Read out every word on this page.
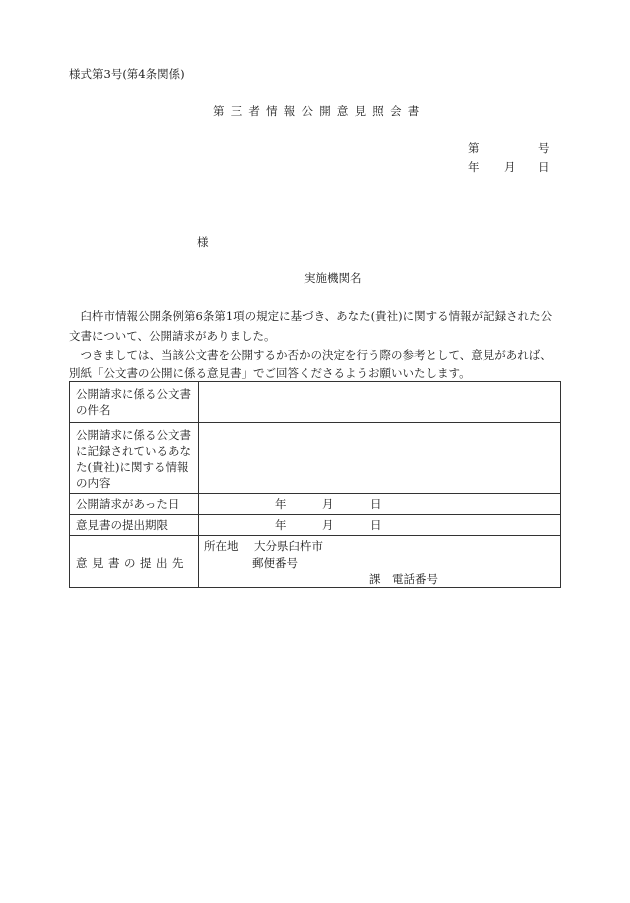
様式第3号(第4条関係)
第三者情報公開意見照会書
第	号
年 月 日
様
実施機関名
　臼杵市情報公開条例第6条第1項の規定に基づき、あなた(貴社)に関する情報が記録された公
文書について、公開請求がありました。
　つきましては、当該公文書を公開するか否かの決定を行う際の参考として、意見があれば、
別紙「公文書の公開に係る意見書」でご回答くださるようお願いいたします。
公開請求に係る公文書の件名	
公開請求に係る公文書に記録されているあなた(貴社)に関する情報の内容	
公開請求があった日	年 月 日

意見書の提出期限	年 月 日

意見書の提出先	所在地 大分県臼杵市
郵便番号
課 電話番号
